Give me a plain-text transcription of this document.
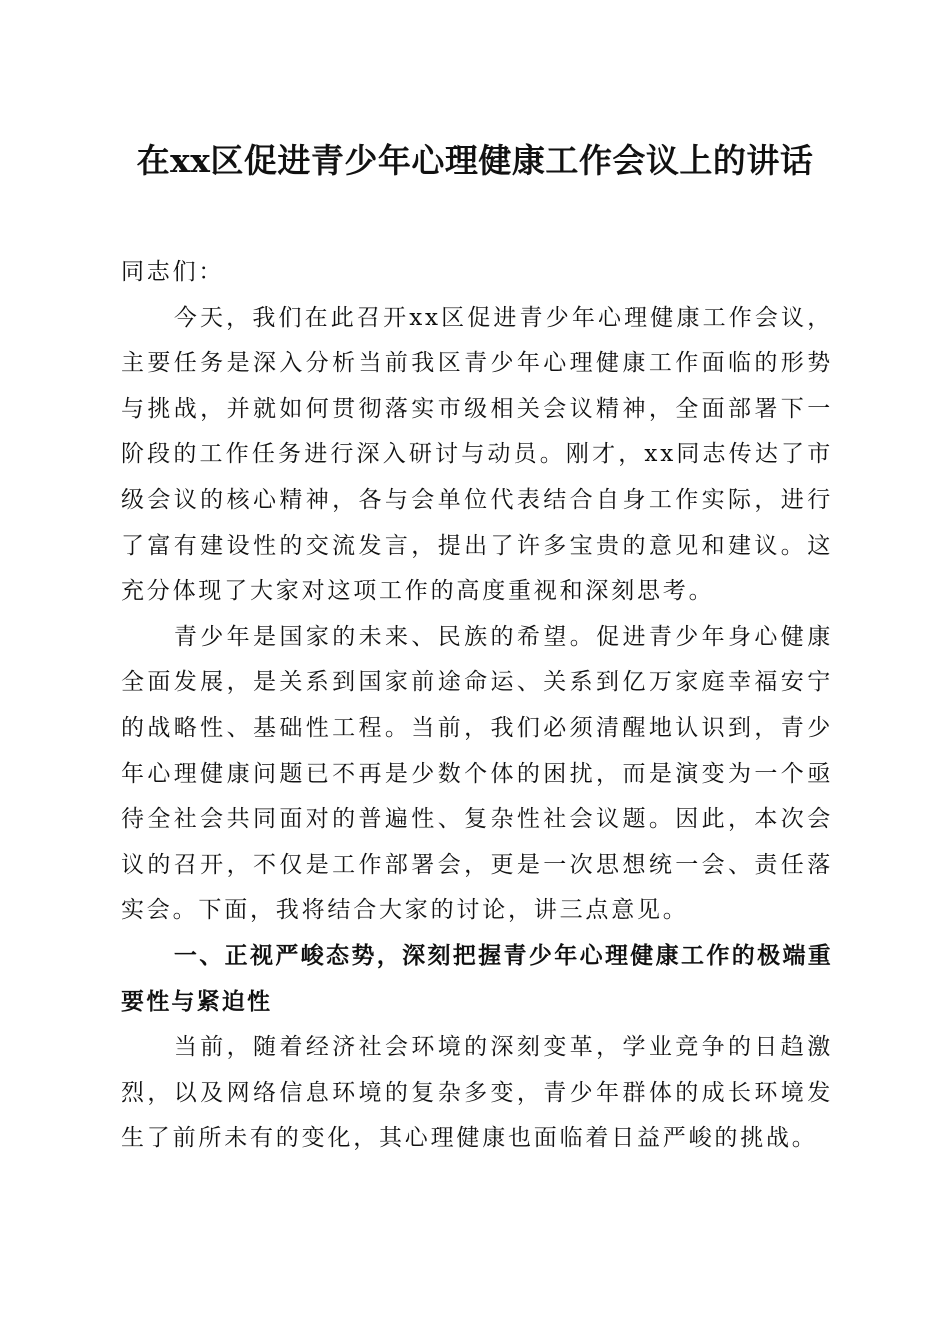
在xx区促进青少年心理健康工作会议上的讲话

同志们：

今天，我们在此召开xx区促进青少年心理健康工作会议，主要任务是深入分析当前我区青少年心理健康工作面临的形势与挑战，并就如何贯彻落实市级相关会议精神，全面部署下一阶段的工作任务进行深入研讨与动员。刚才，xx同志传达了市级会议的核心精神，各与会单位代表结合自身工作实际，进行了富有建设性的交流发言，提出了许多宝贵的意见和建议。这充分体现了大家对这项工作的高度重视和深刻思考。

青少年是国家的未来、民族的希望。促进青少年身心健康全面发展，是关系到国家前途命运、关系到亿万家庭幸福安宁的战略性、基础性工程。当前，我们必须清醒地认识到，青少年心理健康问题已不再是少数个体的困扰，而是演变为一个亟待全社会共同面对的普遍性、复杂性社会议题。因此，本次会议的召开，不仅是工作部署会，更是一次思想统一会、责任落实会。下面，我将结合大家的讨论，讲三点意见。

一、正视严峻态势，深刻把握青少年心理健康工作的极端重要性与紧迫性

当前，随着经济社会环境的深刻变革，学业竞争的日趋激烈，以及网络信息环境的复杂多变，青少年群体的成长环境发生了前所未有的变化，其心理健康也面临着日益严峻的挑战。
